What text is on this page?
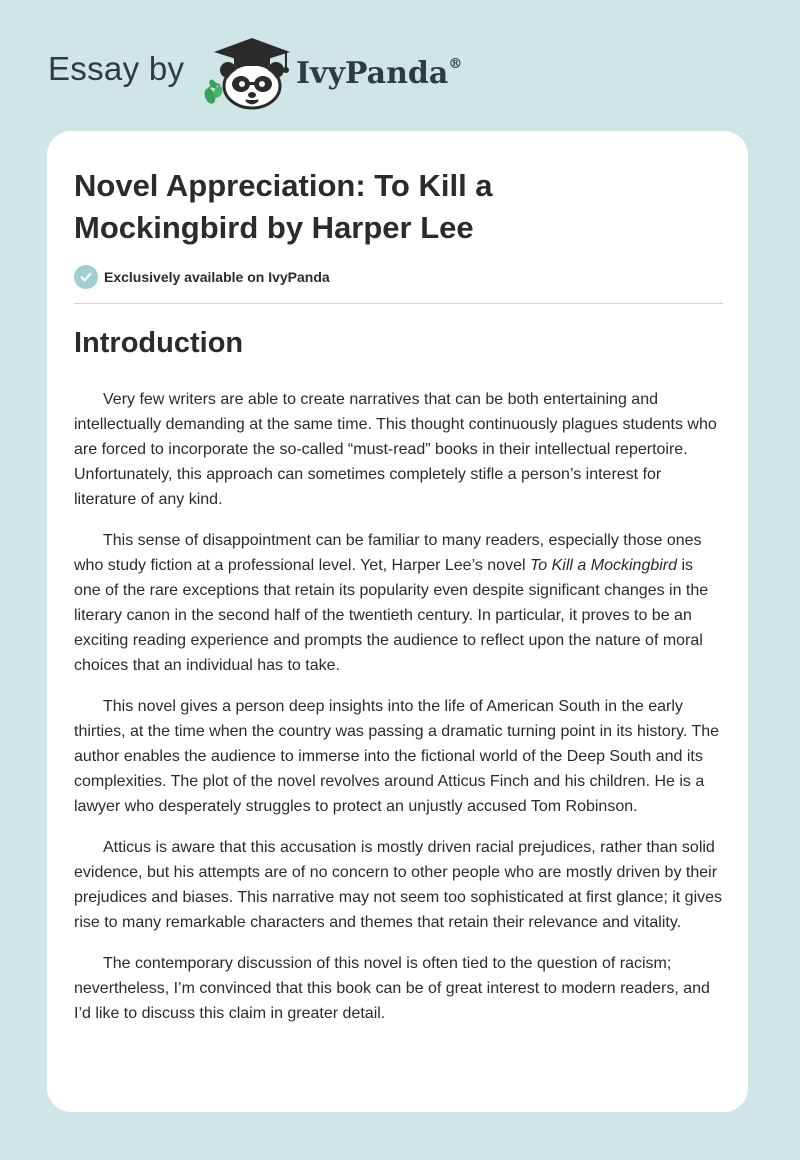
Essay by	IvyPanda®
Novel Appreciation: To Kill a Mockingbird by Harper Lee
Exclusively available on IvyPanda
Introduction

Very few writers are able to create narratives that can be both entertaining and intellectually demanding at the same time. This thought continuously plagues students who are forced to incorporate the so-called “must-read” books in their intellectual repertoire. Unfortunately, this approach can sometimes completely stifle a person’s interest for literature of any kind.

This sense of disappointment can be familiar to many readers, especially those ones who study fiction at a professional level. Yet, Harper Lee’s novel To Kill a Mockingbird is one of the rare exceptions that retain its popularity even despite significant changes in the literary canon in the second half of the twentieth century. In particular, it proves to be an exciting reading experience and prompts the audience to reflect upon the nature of moral choices that an individual has to take.

This novel gives a person deep insights into the life of American South in the early thirties, at the time when the country was passing a dramatic turning point in its history. The author enables the audience to immerse into the fictional world of the Deep South and its complexities. The plot of the novel revolves around Atticus Finch and his children. He is a lawyer who desperately struggles to protect an unjustly accused Tom Robinson.

Atticus is aware that this accusation is mostly driven racial prejudices, rather than solid evidence, but his attempts are of no concern to other people who are mostly driven by their prejudices and biases. This narrative may not seem too sophisticated at first glance; it gives rise to many remarkable characters and themes that retain their relevance and vitality.

The contemporary discussion of this novel is often tied to the question of racism; nevertheless, I’m convinced that this book can be of great interest to modern readers, and I’d like to discuss this claim in greater detail.
